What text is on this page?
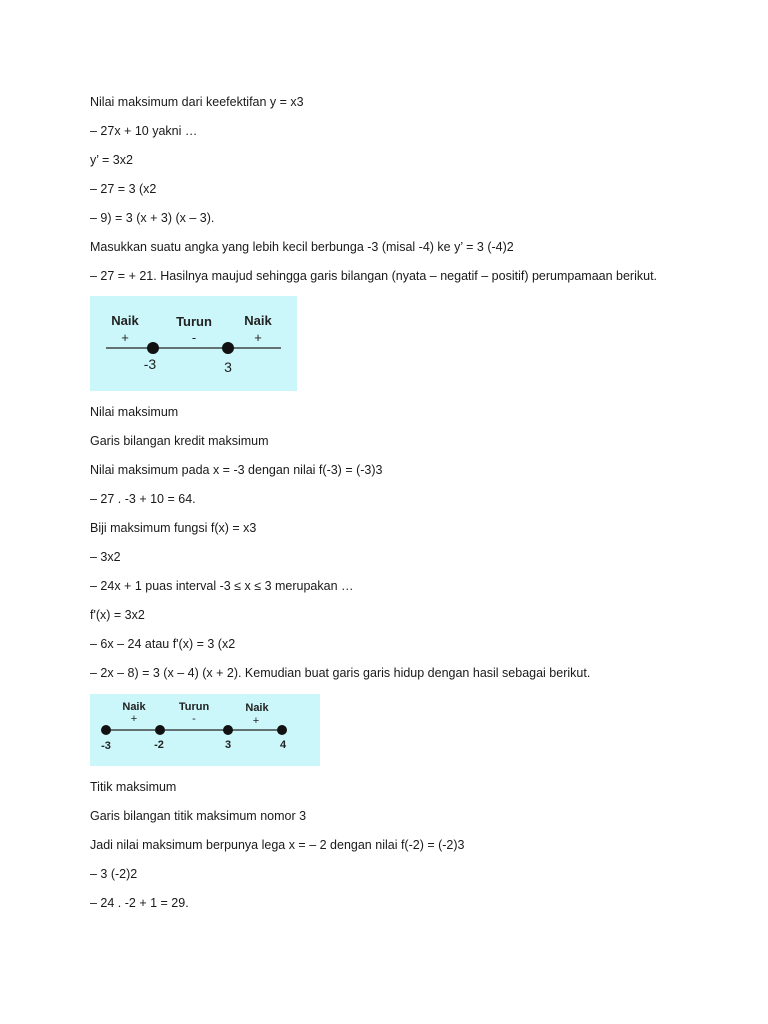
Nilai maksimum dari keefektifan y = x3
– 27x + 10 yakni …
y’ = 3x2
– 27 = 3 (x2
– 9) = 3 (x + 3) (x – 3).
Masukkan suatu angka yang lebih kecil berbunga -3 (misal -4) ke y’ = 3 (-4)2
– 27 = + 21. Hasilnya maujud sehingga garis bilangan (nyata – negatif – positif) perumpamaan berikut.
Naik	Turun Naik
+	-	+
-3	3
Nilai maksimum
Garis bilangan kredit maksimum
Nilai maksimum pada x = -3 dengan nilai f(-3) = (-3)3
– 27 . -3 + 10 = 64.
Biji maksimum fungsi f(x) = x3
– 3x2
– 24x + 1 puas interval -3 ≤ x ≤ 3 merupakan …
f'(x) = 3x2
– 6x – 24 atau f'(x) = 3 (x2
– 2x – 8) = 3 (x – 4) (x + 2). Kemudian buat garis garis hidup dengan hasil sebagai berikut.
Naik	Turun	Naik
+	-	+
-3	-2	3	4
Titik maksimum
Garis bilangan titik maksimum nomor 3
Jadi nilai maksimum berpunya lega x = – 2 dengan nilai f(-2) = (-2)3
– 3 (-2)2
– 24 . -2 + 1 = 29.
